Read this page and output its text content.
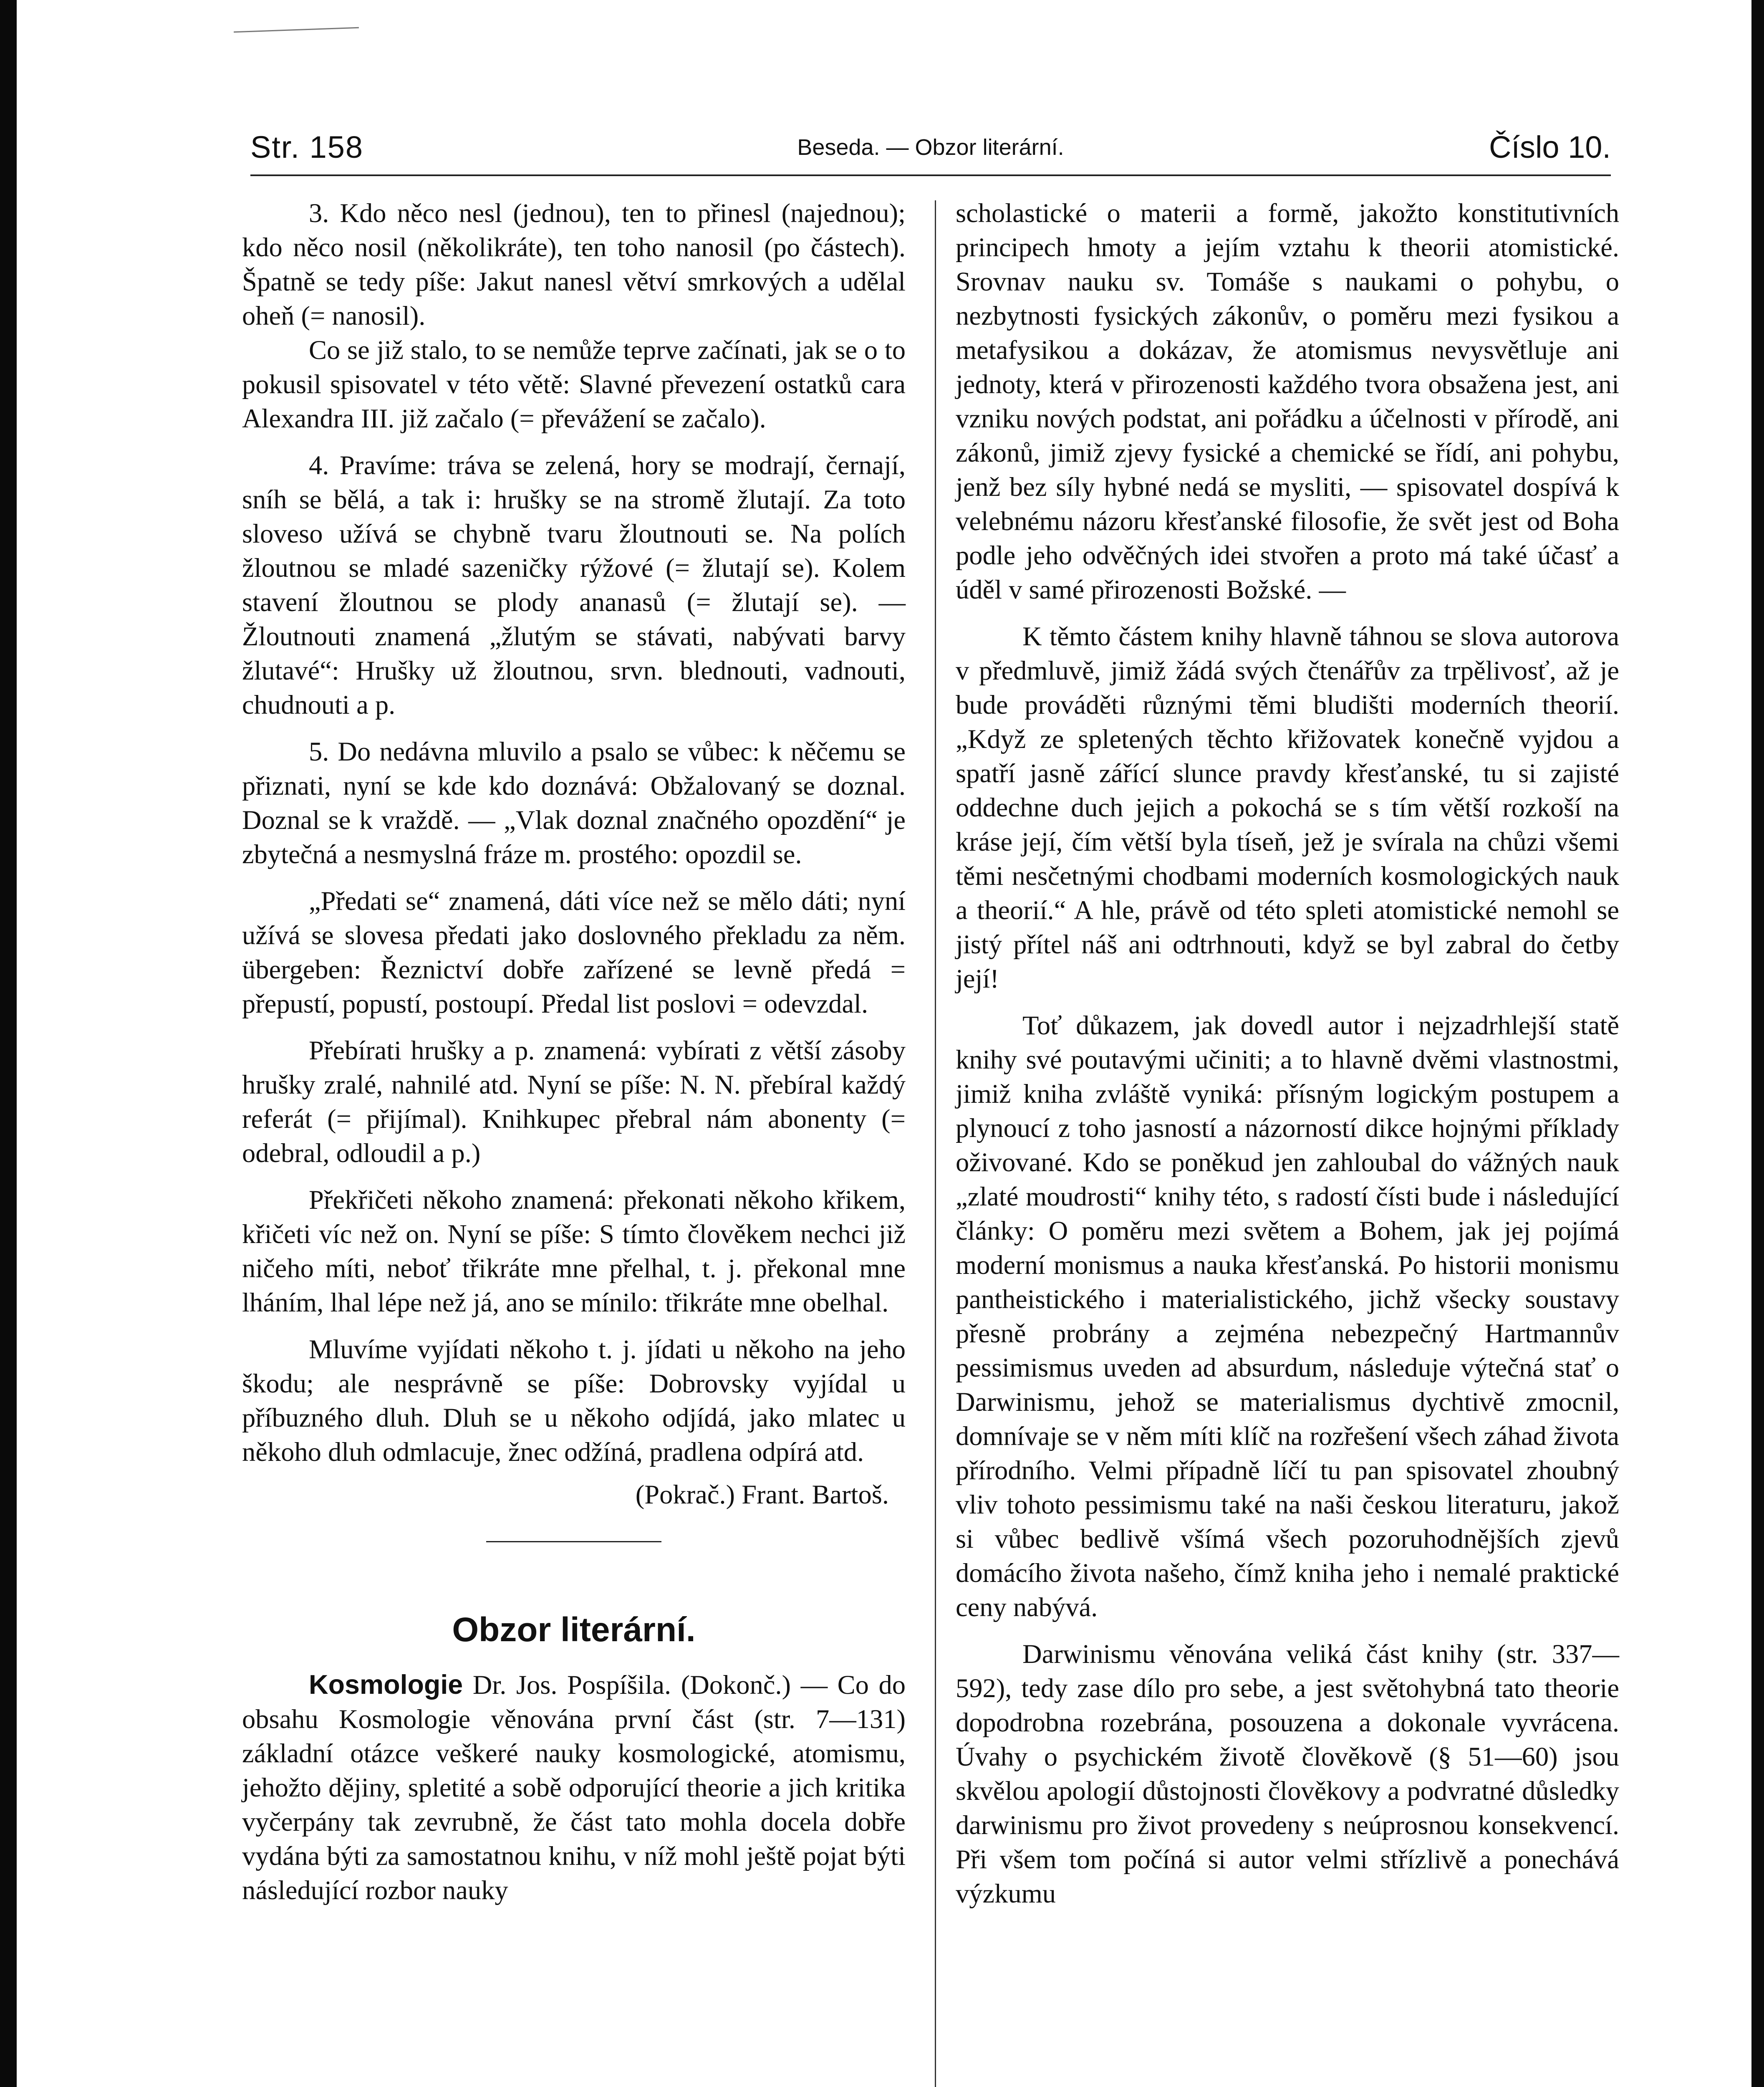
Str. 158	Beseda. — Obzor literární.	Číslo 10.

3. Kdo něco nesl (jednou), ten to přinesl (najednou); kdo něco nosil (několikráte), ten toho nanosil (po částech). Špatně se tedy píše: Jakut nanesl větví smrkových a udělal oheň (= nanosil).

Co se již stalo, to se nemůže teprve začínati, jak se o to pokusil spisovatel v této větě: Slavné převezení ostatků cara Alexandra III. již začalo (= převážení se začalo).

4. Pravíme: tráva se zelená, hory se modrají, černají, sníh se bělá, a tak i: hrušky se na stromě žlutají. Za toto sloveso užívá se chybně tvaru žloutnouti se. Na polích žloutnou se mladé sazeničky rýžové (= žlutají se). Kolem stavení žloutnou se plody ananasů (= žlutají se). — Žloutnouti znamená „žlutým se stávati, nabývati barvy žlutavé“: Hrušky už žloutnou, srvn. blednouti, vadnouti, chudnouti a p.

5. Do nedávna mluvilo a psalo se vůbec: k něčemu se přiznati, nyní se kde kdo doznává: Obžalovaný se doznal. Doznal se k vraždě. — „Vlak doznal značného opozdění“ je zbytečná a nesmyslná fráze m. prostého: opozdil se.

„Předati se“ znamená, dáti více než se mělo dáti; nyní užívá se slovesa předati jako doslovného překladu za něm. übergeben: Řeznictví dobře zařízené se levně předá = přepustí, popustí, postoupí. Předal list poslovi = odevzdal.

Přebírati hrušky a p. znamená: vybírati z větší zásoby hrušky zralé, nahnilé atd. Nyní se píše: N. N. přebíral každý referát (= přijímal). Knihkupec přebral nám abonenty (= odebral, odloudil a p.)

Překřičeti někoho znamená: překonati někoho křikem, křičeti víc než on. Nyní se píše: S tímto člověkem nechci již ničeho míti, neboť třikráte mne přelhal, t. j. překonal mne lháním, lhal lépe než já, ano se mínilo: třikráte mne obelhal.

Mluvíme vyjídati někoho t. j. jídati u někoho na jeho škodu; ale nesprávně se píše: Dobrovsky vyjídal u příbuzného dluh. Dluh se u někoho odjídá, jako mlatec u někoho dluh odmlacuje, žnec odžíná, pradlena odpírá atd.

(Pokrač.) Frant. Bartoš.

Obzor literární.

Kosmologie Dr. Jos. Pospíšila. (Dokonč.) — Co do obsahu Kosmologie věnována první část (str. 7—131) základní otázce veškeré nauky kosmologické, atomismu, jehožto dějiny, spletité a sobě odporující theorie a jich kritika vyčerpány tak zevrubně, že část tato mohla docela dobře vydána býti za samostatnou knihu, v níž mohl ještě pojat býti následující rozbor nauky

scholastické o materii a formě, jakožto konstitutivních principech hmoty a jejím vztahu k theorii atomistické. Srovnav nauku sv. Tomáše s naukami o pohybu, o nezbytnosti fysických zákonův, o poměru mezi fysikou a metafysikou a dokázav, že atomismus nevysvětluje ani jednoty, která v přirozenosti každého tvora obsažena jest, ani vzniku nových podstat, ani pořádku a účelnosti v přírodě, ani zákonů, jimiž zjevy fysické a chemické se řídí, ani pohybu, jenž bez síly hybné nedá se mysliti, — spisovatel dospívá k velebnému názoru křesťanské filosofie, že svět jest od Boha podle jeho odvěčných idei stvořen a proto má také účasť a úděl v samé přirozenosti Božské. —

K těmto částem knihy hlavně táhnou se slova autorova v předmluvě, jimiž žádá svých čtenářův za trpělivosť, až je bude prováděti různými těmi bludišti moderních theorií. „Když ze spletených těchto křižovatek konečně vyjdou a spatří jasně zářící slunce pravdy křesťanské, tu si zajisté oddechne duch jejich a pokochá se s tím větší rozkoší na kráse její, čím větší byla tíseň, jež je svírala na chůzi všemi těmi nesčetnými chodbami moderních kosmologických nauk a theorií.“ A hle, právě od této spleti atomistické nemohl se jistý přítel náš ani odtrhnouti, když se byl zabral do četby její!

Toť důkazem, jak dovedl autor i nejzadrhlejší statě knihy své poutavými učiniti; a to hlavně dvěmi vlastnostmi, jimiž kniha zvláště vyniká: přísným logickým postupem a plynoucí z toho jasností a názorností dikce hojnými příklady oživované. Kdo se poněkud jen zahloubal do vážných nauk „zlaté moudrosti“ knihy této, s radostí čísti bude i následující články: O poměru mezi světem a Bohem, jak jej pojímá moderní monismus a nauka křesťanská. Po historii monismu pantheistického i materialistického, jichž všecky soustavy přesně probrány a zejména nebezpečný Hartmannův pessimismus uveden ad absurdum, následuje výtečná stať o Darwinismu, jehož se materialismus dychtivě zmocnil, domnívaje se v něm míti klíč na rozřešení všech záhad života přírodního. Velmi případně líčí tu pan spisovatel zhoubný vliv tohoto pessimismu také na naši českou literaturu, jakož si vůbec bedlivě všímá všech pozoruhodnějších zjevů domácího života našeho, čímž kniha jeho i nemalé praktické ceny nabývá.

Darwinismu věnována veliká část knihy (str. 337—592), tedy zase dílo pro sebe, a jest světohybná tato theorie dopodrobna rozebrána, posouzena a dokonale vyvrácena. Úvahy o psychickém životě člověkově (§ 51—60) jsou skvělou apologií důstojnosti člověkovy a podvratné důsledky darwinismu pro život provedeny s neúprosnou konsekvencí. Při všem tom počíná si autor velmi střízlivě a ponechává výzkumu
